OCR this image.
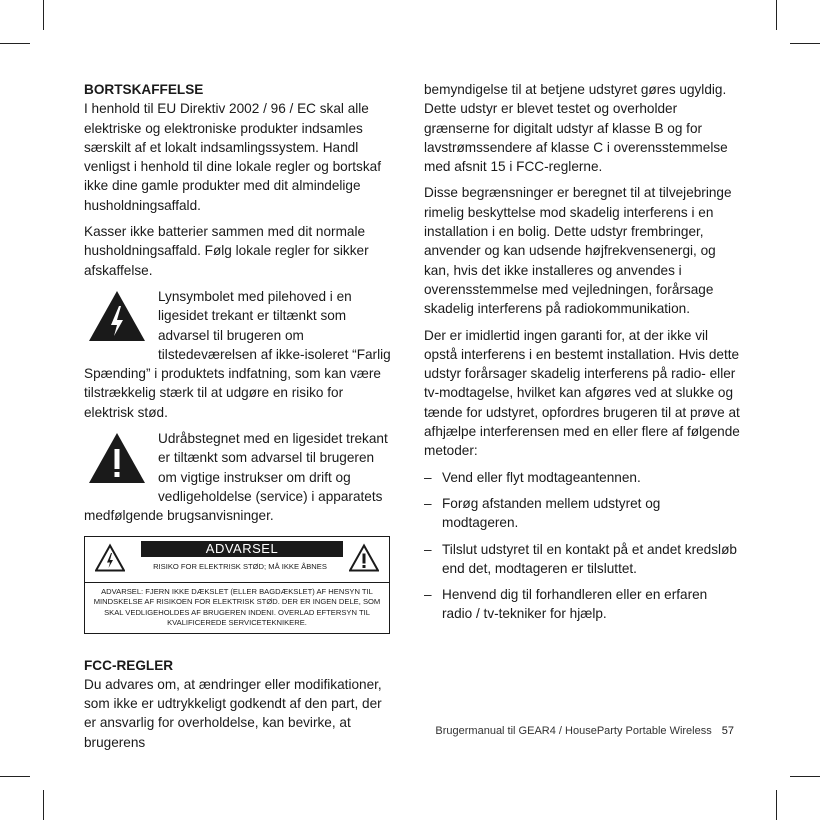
BORTSKAFFELSE
I henhold til EU Direktiv 2002 / 96 / EC skal alle elektriske og elektroniske produkter indsamles særskilt af et lokalt indsamlingssystem. Handl venligst i henhold til dine lokale regler og bortskaf ikke dine gamle produkter med dit almindelige husholdningsaffald.

Kasser ikke batterier sammen med dit normale husholdningsaffald. Følg lokale regler for sikker afskaffelse.

Lynsymbolet med pilehoved i en ligesidet trekant er tiltænkt som advarsel til brugeren om tilstedeværelsen af ikke-isoleret “Farlig Spænding” i produktets indfatning, som kan være tilstrækkelig stærk til at udgøre en risiko for elektrisk stød.

Udråbstegnet med en ligesidet trekant er tiltænkt som advarsel til brugeren om vigtige instrukser om drift og vedligeholdelse (service) i apparatets medfølgende brugsanvisninger.

ADVARSEL
RISIKO FOR ELEKTRISK STØD; MÅ IKKE ÅBNES
ADVARSEL: FJERN IKKE DÆKSLET (ELLER BAGDÆKSLET) AF HENSYN TIL MINDSKELSE AF RISIKOEN FOR ELEKTRISK STØD. DER ER INGEN DELE, SOM SKAL VEDLIGEHOLDES AF BRUGEREN INDENI. OVERLAD EFTERSYN TIL KVALIFICEREDE SERVICETEKNIKERE.

FCC-REGLER
Du advares om, at ændringer eller modifikationer, som ikke er udtrykkeligt godkendt af den part, der er ansvarlig for overholdelse, kan bevirke, at brugerens

bemyndigelse til at betjene udstyret gøres ugyldig. Dette udstyr er blevet testet og overholder grænserne for digitalt udstyr af klasse B og for lavstrømssendere af klasse C i overensstemmelse med afsnit 15 i FCC-reglerne.

Disse begrænsninger er beregnet til at tilvejebringe rimelig beskyttelse mod skadelig interferens i en installation i en bolig. Dette udstyr frembringer, anvender og kan udsende højfrekvensenergi, og kan, hvis det ikke installeres og anvendes i overensstemmelse med vejledningen, forårsage skadelig interferens på radiokommunikation.

Der er imidlertid ingen garanti for, at der ikke vil opstå interferens i en bestemt installation. Hvis dette udstyr forårsager skadelig interferens på radio- eller tv-modtagelse, hvilket kan afgøres ved at slukke og tænde for udstyret, opfordres brugeren til at prøve at afhjælpe interferensen med en eller flere af følgende metoder:

– Vend eller flyt modtageantennen.
– Forøg afstanden mellem udstyret og modtageren.
– Tilslut udstyret til en kontakt på et andet kredsløb end det, modtageren er tilsluttet.
– Henvend dig til forhandleren eller en erfaren radio / tv-tekniker for hjælp.
Brugermanual til GEAR4 / HouseParty Portable Wireless 57
